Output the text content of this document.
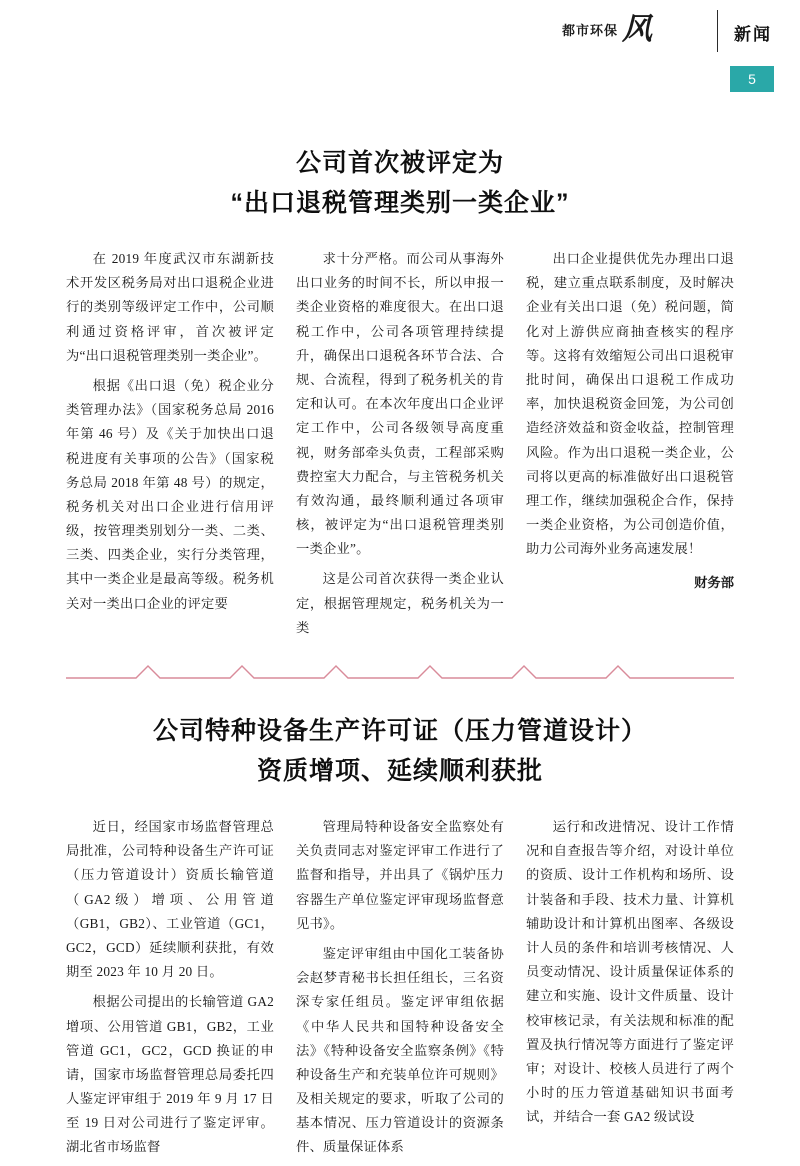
都市环保 风	新闻
5
公司首次被评定为
“出口退税管理类别一类企业”

在 2019 年度武汉市东湖新技术开发区税务局对出口退税企业进行的类别等级评定工作中，公司顺利通过资格评审，首次被评定为“出口退税管理类别一类企业”。

根据《出口退（免）税企业分类管理办法》（国家税务总局 2016 年第 46 号）及《关于加快出口退税进度有关事项的公告》（国家税务总局 2018 年第 48 号）的规定，税务机关对出口企业进行信用评级，按管理类别划分一类、二类、三类、四类企业，实行分类管理，其中一类企业是最高等级。税务机关对一类出口企业的评定要

求十分严格。而公司从事海外出口业务的时间不长，所以申报一类企业资格的难度很大。在出口退税工作中，公司各项管理持续提升，确保出口退税各环节合法、合规、合流程，得到了税务机关的肯定和认可。在本次年度出口企业评定工作中，公司各级领导高度重视，财务部牵头负责，工程部采购费控室大力配合，与主管税务机关有效沟通，最终顺利通过各项审核，被评定为“出口退税管理类别一类企业”。

这是公司首次获得一类企业认定，根据管理规定，税务机关为一类

出口企业提供优先办理出口退税，建立重点联系制度，及时解决企业有关出口退（免）税问题，简化对上游供应商抽查核实的程序等。这将有效缩短公司出口退税审批时间，确保出口退税工作成功率，加快退税资金回笼，为公司创造经济效益和资金收益，控制管理风险。作为出口退税一类企业，公司将以更高的标准做好出口退税管理工作，继续加强税企合作，保持一类企业资格，为公司创造价值，助力公司海外业务高速发展！

财务部
公司特种设备生产许可证（压力管道设计）
资质增项、延续顺利获批

近日，经国家市场监督管理总局批准，公司特种设备生产许可证（压力管道设计）资质长输管道（GA2级）增项、公用管道（GB1，GB2）、工业管道（GC1，GC2，GCD）延续顺利获批，有效期至 2023 年 10 月 20 日。

根据公司提出的长输管道 GA2 增项、公用管道 GB1，GB2，工业管道 GC1，GC2，GCD 换证的申请，国家市场监督管理总局委托四人鉴定评审组于 2019 年 9 月 17 日至 19 日对公司进行了鉴定评审。湖北省市场监督

管理局特种设备安全监察处有关负责同志对鉴定评审工作进行了监督和指导，并出具了《锅炉压力容器生产单位鉴定评审现场监督意见书》。

鉴定评审组由中国化工装备协会赵梦青秘书长担任组长，三名资深专家任组员。鉴定评审组依据《中华人民共和国特种设备安全法》《特种设备安全监察条例》《特种设备生产和充装单位许可规则》及相关规定的要求，听取了公司的基本情况、压力管道设计的资源条件、质量保证体系

运行和改进情况、设计工作情况和自查报告等介绍，对设计单位的资质、设计工作机构和场所、设计装备和手段、技术力量、计算机辅助设计和计算机出图率、各级设计人员的条件和培训考核情况、人员变动情况、设计质量保证体系的建立和实施、设计文件质量、设计校审核记录，有关法规和标准的配置及执行情况等方面进行了鉴定评审；对设计、校核人员进行了两个小时的压力管道基础知识书面考试，并结合一套 GA2 级试设
